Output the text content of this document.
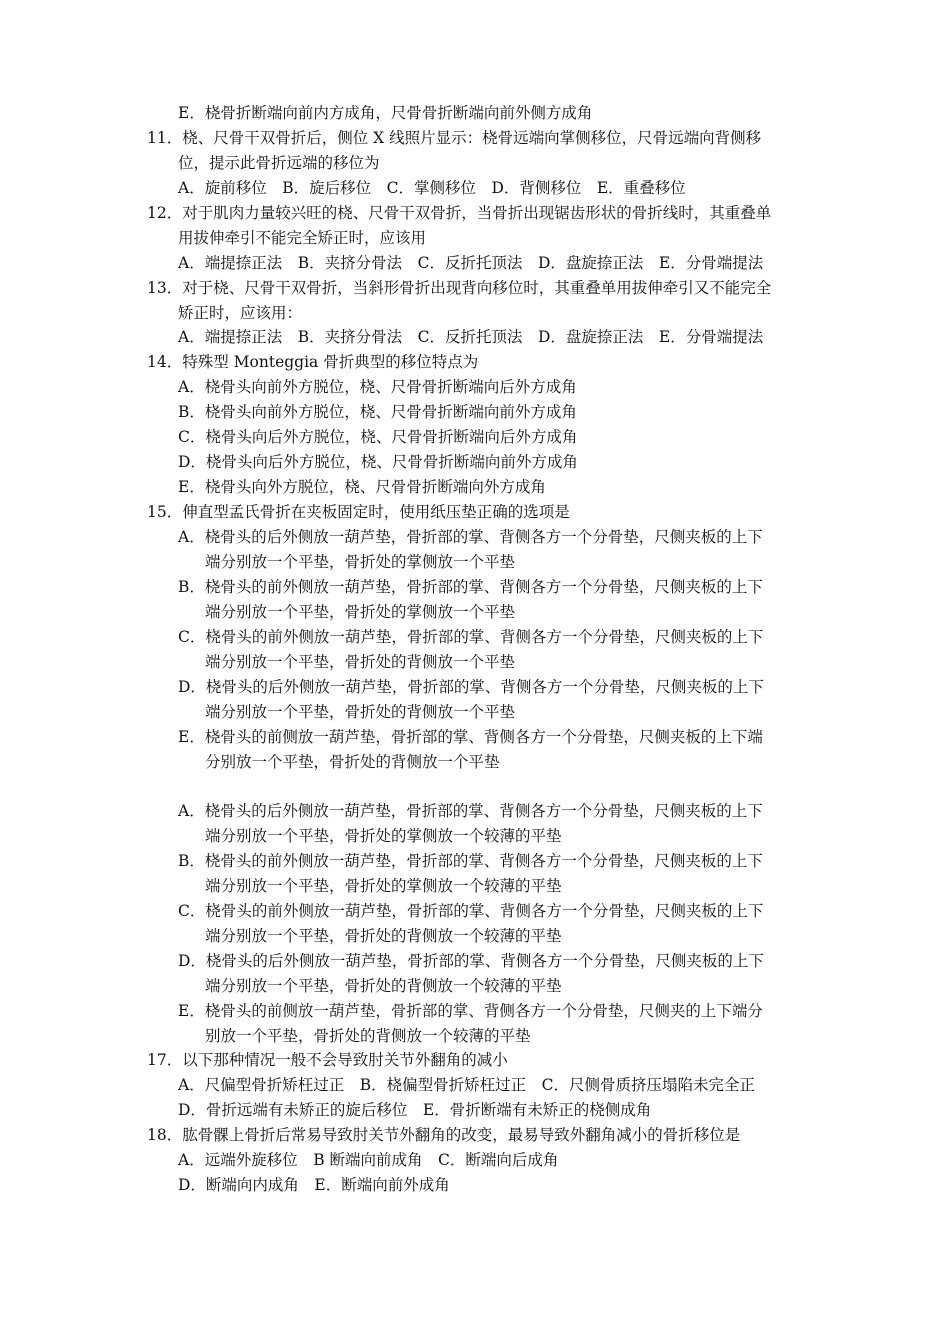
E．桡骨折断端向前内方成角，尺骨骨折断端向前外侧方成角
11．桡、尺骨干双骨折后，侧位 X 线照片显示：桡骨远端向掌侧移位，尺骨远端向背侧移
位，提示此骨折远端的移位为
A．旋前移位　B．旋后移位　C．掌侧移位　D．背侧移位　E．重叠移位
12．对于肌肉力量较兴旺的桡、尺骨干双骨折，当骨折出现锯齿形状的骨折线时，其重叠单
用拔伸牵引不能完全矫正时，应该用
A．端提捺正法　B．夹挤分骨法　C．反折托顶法　D．盘旋捺正法　E．分骨端提法
13．对于桡、尺骨干双骨折，当斜形骨折出现背向移位时，其重叠单用拔伸牵引又不能完全
矫正时，应该用：
A．端提捺正法　B．夹挤分骨法　C．反折托顶法　D．盘旋捺正法　E．分骨端提法
14．特殊型 Monteggia 骨折典型的移位特点为
A．桡骨头向前外方脱位，桡、尺骨骨折断端向后外方成角
B．桡骨头向前外方脱位，桡、尺骨骨折断端向前外方成角
C．桡骨头向后外方脱位，桡、尺骨骨折断端向后外方成角
D．桡骨头向后外方脱位，桡、尺骨骨折断端向前外方成角
E．桡骨头向外方脱位，桡、尺骨骨折断端向外方成角
15．伸直型孟氏骨折在夹板固定时，使用纸压垫正确的选项是
A．桡骨头的后外侧放一葫芦垫，骨折部的掌、背侧各方一个分骨垫，尺侧夹板的上下
端分别放一个平垫，骨折处的掌侧放一个平垫
B．桡骨头的前外侧放一葫芦垫，骨折部的掌、背侧各方一个分骨垫，尺侧夹板的上下
端分别放一个平垫，骨折处的掌侧放一个平垫
C．桡骨头的前外侧放一葫芦垫，骨折部的掌、背侧各方一个分骨垫，尺侧夹板的上下
端分别放一个平垫，骨折处的背侧放一个平垫
D．桡骨头的后外侧放一葫芦垫，骨折部的掌、背侧各方一个分骨垫，尺侧夹板的上下
端分别放一个平垫，骨折处的背侧放一个平垫
E．桡骨头的前侧放一葫芦垫，骨折部的掌、背侧各方一个分骨垫，尺侧夹板的上下端
分别放一个平垫，骨折处的背侧放一个平垫
A．桡骨头的后外侧放一葫芦垫，骨折部的掌、背侧各方一个分骨垫，尺侧夹板的上下
端分别放一个平垫，骨折处的掌侧放一个较薄的平垫
B．桡骨头的前外侧放一葫芦垫，骨折部的掌、背侧各方一个分骨垫，尺侧夹板的上下
端分别放一个平垫，骨折处的掌侧放一个较薄的平垫
C．桡骨头的前外侧放一葫芦垫，骨折部的掌、背侧各方一个分骨垫，尺侧夹板的上下
端分别放一个平垫，骨折处的背侧放一个较薄的平垫
D．桡骨头的后外侧放一葫芦垫，骨折部的掌、背侧各方一个分骨垫，尺侧夹板的上下
端分别放一个平垫，骨折处的背侧放一个较薄的平垫
E．桡骨头的前侧放一葫芦垫，骨折部的掌、背侧各方一个分骨垫，尺侧夹的上下端分
别放一个平垫，骨折处的背侧放一个较薄的平垫
17．以下那种情况一般不会导致肘关节外翻角的减小
A．尺偏型骨折矫枉过正　B．桡偏型骨折矫枉过正　C．尺侧骨质挤压塌陷未完全正
D．骨折远端有未矫正的旋后移位　E．骨折断端有未矫正的桡侧成角
18．肱骨髁上骨折后常易导致肘关节外翻角的改变，最易导致外翻角减小的骨折移位是
A．远端外旋移位　B 断端向前成角　C．断端向后成角
D．断端向内成角　E．断端向前外成角
